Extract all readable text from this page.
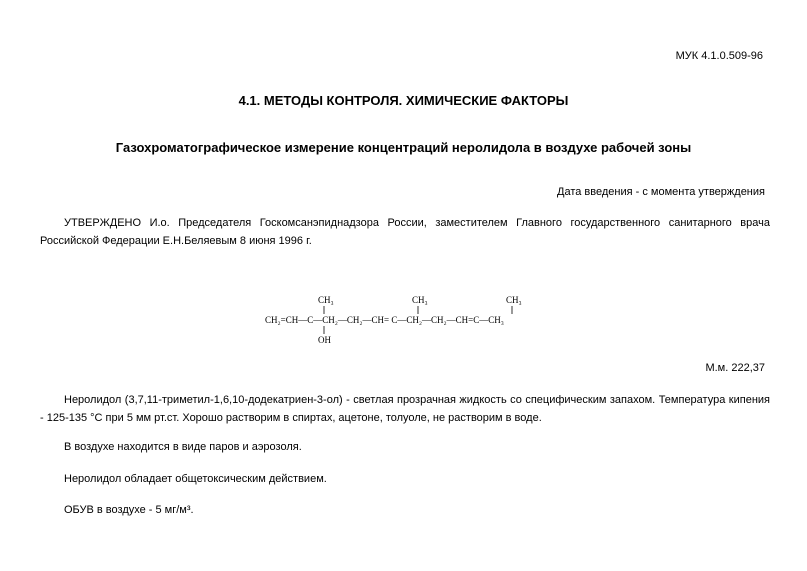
МУК 4.1.0.509-96
4.1. МЕТОДЫ КОНТРОЛЯ. ХИМИЧЕСКИЕ ФАКТОРЫ
Газохроматографическое измерение концентраций неролидола в воздухе рабочей зоны
Дата введения - с момента утверждения
УТВЕРЖДЕНО И.о. Председателя Госкомсанэпиднадзора России, заместителем Главного государственного санитарного врача Российской Федерации Е.Н.Беляевым 8 июня 1996 г.
CH₃	CH₃	CH₃
CH₂=CH—C—CH₂—CH₂—CH= C—CH₂—CH₂—CH=C—CH₃
OH
М.м. 222,37
Неролидол (3,7,11-триметил-1,6,10-додекатриен-3-ол) - светлая прозрачная жидкость со специфическим запахом. Температура кипения - 125-135 °С при 5 мм рт.ст. Хорошо растворим в спиртах, ацетоне, толуоле, не растворим в воде.
В воздухе находится в виде паров и аэрозоля.
Неролидол обладает общетоксическим действием.
ОБУВ в воздухе - 5 мг/м³.
